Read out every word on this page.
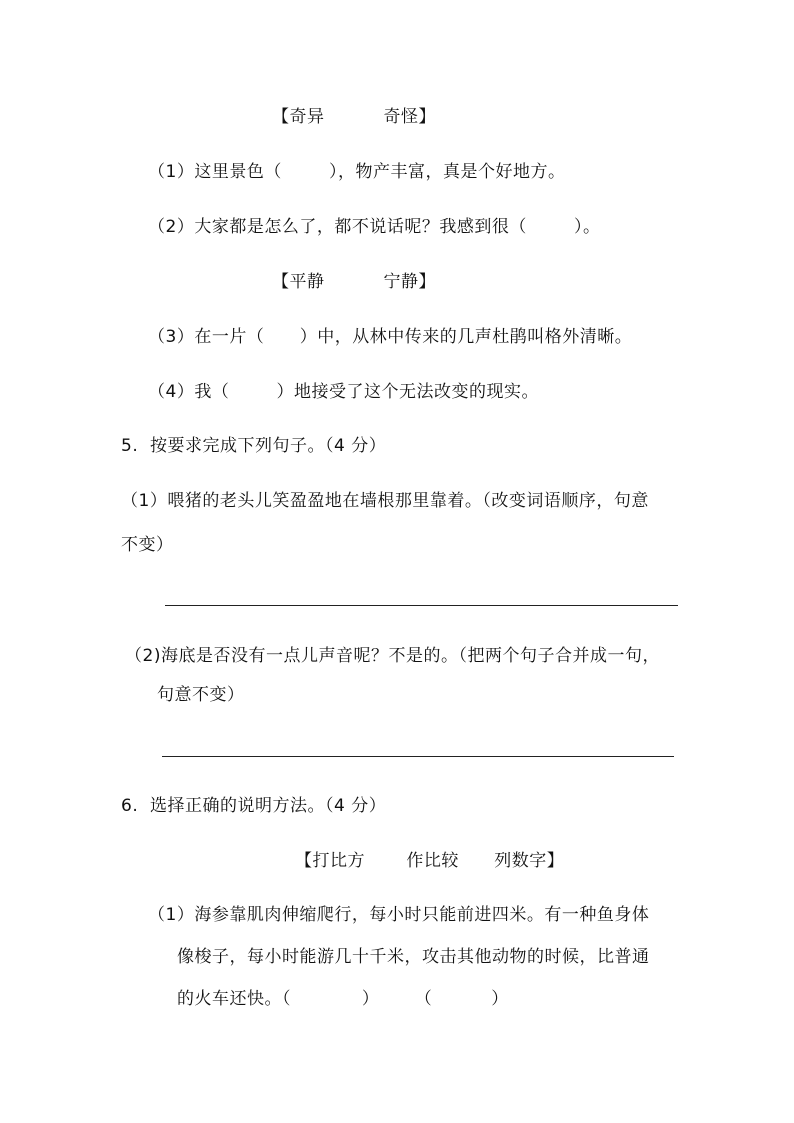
【奇异          奇怪】
（1）这里景色（        ），物产丰富，真是个好地方。
（2）大家都是怎么了，都不说话呢？我感到很（        ）。
【平静          宁静】
（3）在一片（      ）中，从林中传来的几声杜鹃叫格外清晰。
（4）我（        ）地接受了这个无法改变的现实。
5.  按要求完成下列句子。（4 分）
（1）喂猪的老头儿笑盈盈地在墙根那里靠着。（改变词语顺序，句意
不变）
（2)海底是否没有一点儿声音呢？不是的。（把两个句子合并成一句，
句意不变）
6.  选择正确的说明方法。（4 分）
【打比方       作比较      列数字】
（1）海参靠肌肉伸缩爬行，每小时只能前进四米。有一种鱼身体
像梭子，每小时能游几十千米，攻击其他动物的时候，比普通
的火车还快。（            ）      （          ）
